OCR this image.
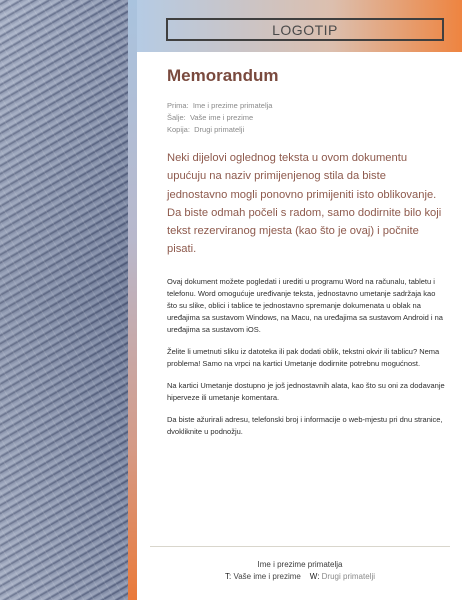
LOGOTIP
Memorandum
Prima: Ime i prezime primatelja
Šalje: Vaše ime i prezime
Kopija: Drugi primatelji
Neki dijelovi oglednog teksta u ovom dokumentu upućuju na naziv primijenjenog stila da biste jednostavno mogli ponovno primijeniti isto oblikovanje. Da biste odmah počeli s radom, samo dodirnite bilo koji tekst rezerviranog mjesta (kao što je ovaj) i počnite pisati.

Ovaj dokument možete pogledati i urediti u programu Word na računalu, tabletu i telefonu. Word omogućuje uređivanje teksta, jednostavno umetanje sadržaja kao što su slike, oblici i tablice te jednostavno spremanje dokumenata u oblak na uređajima sa sustavom Windows, na Macu, na uređajima sa sustavom Android i na uređajima sa sustavom iOS.

Želite li umetnuti sliku iz datoteka ili pak dodati oblik, tekstni okvir ili tablicu? Nema problema! Samo na vrpci na kartici Umetanje dodirnite potrebnu mogućnost.

Na kartici Umetanje dostupno je još jednostavnih alata, kao što su oni za dodavanje hiperveze ili umetanje komentara.

Da biste ažurirali adresu, telefonski broj i informacije o web-mjestu pri dnu stranice, dvokliknite u podnožju.

Ime i prezime primatelja
T: Vaše ime i prezime W: Drugi primatelji
